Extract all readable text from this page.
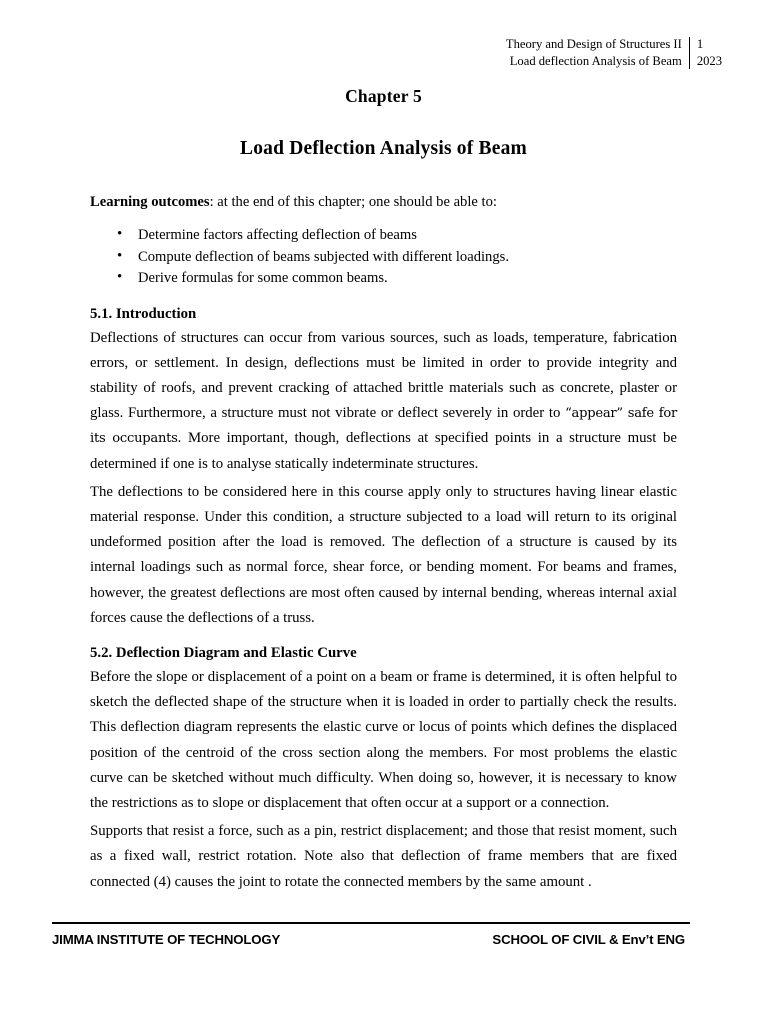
Theory and Design of Structures II
Load deflection Analysis of Beam
1
2023
Chapter 5
Load Deflection Analysis of Beam

Learning outcomes: at the end of this chapter; one should be able to:

• Determine factors affecting deflection of beams
• Compute deflection of beams subjected with different loadings.
• Derive formulas for some common beams.
5.1. Introduction

Deflections of structures can occur from various sources, such as loads, temperature, fabrication errors, or settlement. In design, deflections must be limited in order to provide integrity and stability of roofs, and prevent cracking of attached brittle materials such as concrete, plaster or glass. Furthermore, a structure must not vibrate or deflect severely in order to “appear” safe for its occupants. More important, though, deflections at specified points in a structure must be determined if one is to analyse statically indeterminate structures.

The deflections to be considered here in this course apply only to structures having linear elastic material response. Under this condition, a structure subjected to a load will return to its original undeformed position after the load is removed. The deflection of a structure is caused by its internal loadings such as normal force, shear force, or bending moment. For beams and frames, however, the greatest deflections are most often caused by internal bending, whereas internal axial forces cause the deflections of a truss.

5.2. Deflection Diagram and Elastic Curve

Before the slope or displacement of a point on a beam or frame is determined, it is often helpful to sketch the deflected shape of the structure when it is loaded in order to partially check the results. This deflection diagram represents the elastic curve or locus of points which defines the displaced position of the centroid of the cross section along the members. For most problems the elastic curve can be sketched without much difficulty. When doing so, however, it is necessary to know the restrictions as to slope or displacement that often occur at a support or a connection.

Supports that resist a force, such as a pin, restrict displacement; and those that resist moment, such as a fixed wall, restrict rotation. Note also that deflection of frame members that are fixed connected (4) causes the joint to rotate the connected members by the same amount .

JIMMA INSTITUTE OF TECHNOLOGY	SCHOOL OF CIVIL & Env’t ENG
